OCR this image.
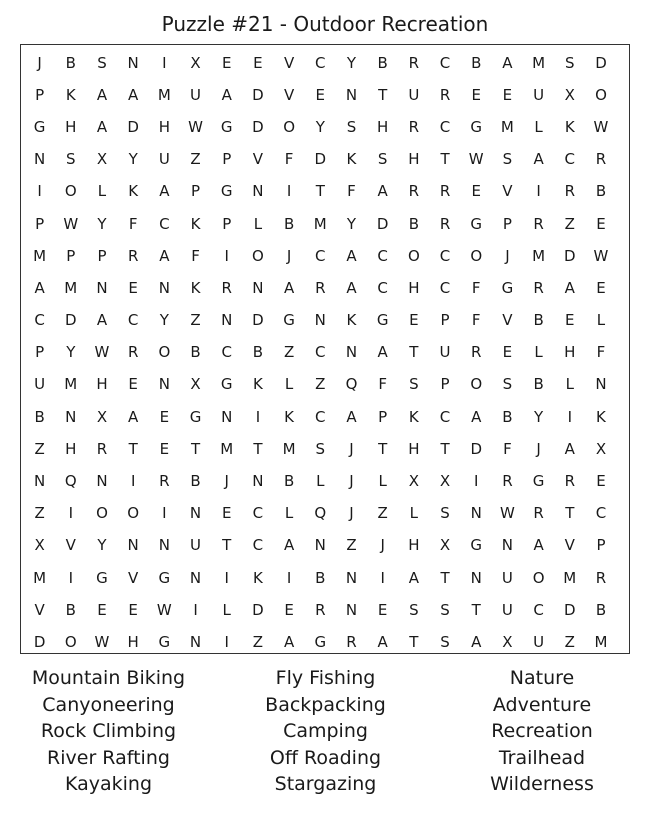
Puzzle #21 - Outdoor Recreation
J	B	S	N	I	X	E	E	V	C	Y	B	R	C	B	A	M	S	D
P	K	A	A	M	U	A	D	V	E	N	T	U	R	E	E	U	X	O
G	H	A	D	H	W	G	D	O	Y	S	H	R	C	G	M	L	K	W
N	S	X	Y	U	Z	P	V	F	D	K	S	H	T	W	S	A	C	R
I	O	L	K	A	P	G	N	I	T	F	A	R	R	E	V	I	R	B
P	W	Y	F	C	K	P	L	B	M	Y	D	B	R	G	P	R	Z	E
M	P	P	R	A	F	I	O	J	C	A	C	O	C	O	J	M	D	W
A	M	N	E	N	K	R	N	A	R	A	C	H	C	F	G	R	A	E
C	D	A	C	Y	Z	N	D	G	N	K	G	E	P	F	V	B	E	L
P	Y	W	R	O	B	C	B	Z	C	N	A	T	U	R	E	L	H	F
U	M	H	E	N	X	G	K	L	Z	Q	F	S	P	O	S	B	L	N
B	N	X	A	E	G	N	I	K	C	A	P	K	C	A	B	Y	I	K
Z	H	R	T	E	T	M	T	M	S	J	T	H	T	D	F	J	A	X
N	Q	N	I	R	B	J	N	B	L	J	L	X	X	I	R	G	R	E
Z	I	O	O	I	N	E	C	L	Q	J	Z	L	S	N	W	R	T	C
X	V	Y	N	N	U	T	C	A	N	Z	J	H	X	G	N	A	V	P
M	I	G	V	G	N	I	K	I	B	N	I	A	T	N	U	O	M	R
V	B	E	E	W	I	L	D	E	R	N	E	S	S	T	U	C	D	B
D	O	W	H	G	N	I	Z	A	G	R	A	T	S	A	X	U	Z	M
Mountain Biking
Canyoneering
Rock Climbing
River Rafting
Kayaking
Fly Fishing
Backpacking
Camping
Off Roading
Stargazing
Nature
Adventure
Recreation
Trailhead
Wilderness
